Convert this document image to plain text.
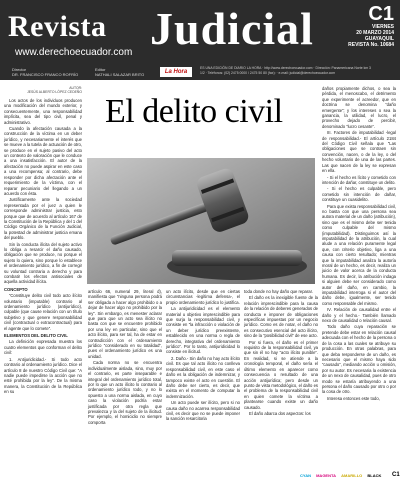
Revista Judicial
www.derechoecuador.com
C1
VIERNES
20 MARZO 2014
GUAYAQUIL
REVISTA No. 10684
Director
DR. FRANCISCO FRANCO ROFRÍO
Editor
NATHALI SALAZAR BRITO	La Hora
ES UNA EDICIÓN DE DIARIO LA HORA · http://www.derechoecuador.com · Dirección: Panamericana Norte km 3 1/2 · Teléfonos: (02) 2475 0000 / 2475 50 80 (fax): · e-mail: judicial@derechoecuador.com
El delito civil
AUTOR:
JESÚS ALBERTO LÓPEZ CEDEÑO

Los actos de los individuos producen una modificación del mundo exterior, y consecuentemente, una responsabilidad implícita, sea del tipo civil, penal y administrativo.

Cuando la afectación causada a la construcción de la víctima en un deber jurídico, y necesariamente el interés que se mueve a la tutela de actuación de otro, se produce en el sujeto pasivo del acto un contexto de valoración que le conduce a una insatisfacción. El autor de la afectación no puede aspirar en este caso a una recompensa; al contrario, debe responder por dicha afectación ante el requerimiento de la víctima, con el reparar pecuniario del llegando a un acuerdo con ésta.

Justificamente ante la sociedad representada por el juez a quien le corresponde administrar justicia, esto porque que de acuerdo al artículo 167 de la Constitución de la República y del 1 del Código Orgánico de la Función Judicial, la potestad de administrar justicia emana del pueblo.

Sin la conducta ilícita del sujeto activo lo obliga a resarcir el daño causado, obligación que se produce, no porque el sujeto lo quiera, sino porque lo establece el ordenamiento jurídico, a fin de corregir su voluntad contraria a derecho y para combatir los efectos antisociales de aquella actividad ilícita.

CONCEPTO

“Constituye delito civil todo acto ilícito voluntario (imputable) contrario al ordenamiento jurídico (antijurídico), culpable (que cause relación con un título subjetivo y que genere responsabilidad civil (contractual o extracontractual) para el agente que lo comete”.

ELEMENTOS DEL DELITO CIVIL

La definición expresada muestra los cuatro elementos que conforman el delito civil:

1. Antijuridicidad.- Si todo acto contrario al ordenamiento jurídico. Dice el artículo 8 de nuestro Código Civil que: “A nadie puede impedirse la acción que no esté prohibida por la ley”. De la misma manera, la Constitución de la República en su

artículo 66, numeral 29, literal d), manifiesta que “ninguna persona podrá ser obligada a hacer algo prohibido o a dejar de hacer algo no prohibido por la ley”. Sin embargo, es menester aclarar que para que un acto sea ilícito no basta con que se encuentre prohibido por una ley en particular, sino que el acto ilícito, para ser tal, ha de estar en contradicción con el ordenamiento jurídico “considerado en su totalidad”, pues el ordenamiento jurídico es una unidad.

Cada norma no se encuentra individualmente aislada, sino, muy por el contrario, es parte inseparable e integral del ordenamiento jurídico total, por lo que un acto ilícito lo contrario al ordenamiento jurídico todo, y no lo opuesto a una norma aislada, en cuyo caso la violación podría estar justificada por otra regla que prevalezca y la del sujeto de la ilicitud. Por ejemplo, el homicidio no siempre comporta

un acto ilícito, desde que en ciertas circunstancias -legítima defensa-, el propio ordenamiento jurídico lo justifica.

La antijuridicidad es el elemento material u objetivo imprescindible para que surja la responsabilidad civil, y consiste en “la infracción o violación de un deber jurídico preexistente, establecido en una norma o regla de derecho, integrativa del ordenamiento jurídico”. Por lo tanto, antijuridicidad lo consiste en ilicitud.

2. Daño.- Sin daño no hay acto ilícito civil. Es que tal acto ilícito no conlleva responsabilidad civil, en este caso el daño es la obligación de indemnizar, y tampoco existe el acto en cuestión. El daño debe ser cierto, es decir, que exista en el momento de computar la indemnización.

Un acto puede ser ilícito, pero si no causa daño no acarrea responsabilidad civil, es decir que no se puede imponer la sanción resarcitoria

toda donde no hay daño que reparar.

El daño es la inexigible fuente de la relación imprescindible para la causa de la relación de deberes generados de conducta e imponer de obligaciones específicas impuestas por un negocio jurídico. Como es de notar, el daño no es consecutivo esencial del acto ilícito, sino de la “posibilidad civil” de ese acto.

Por si fuera, el daño es el primer requisito de la responsabilidad civil, ya que sin él no hay “acto ilícito punible”. En realidad, si se atiende a la cronología temporal, el daño sería el último elemento en aparecer como consecuencia o resultado de una acción antijurídica; pero desde un punto de vista metodológico, el daño es el problema de la responsabilidad civil en quien comete la víctima a plantearse cuando existe un daño causado.

El daño abarca dos aspectos: los

daños propiamente dichos, o sea la pérdida, el menoscabo, el detrimento que experimente el acreedor, que en doctrina se denomina “daño emergente”; y los intereses o sea la ganancia, la utilidad, el lucro, el provecho dejado de percibir, denominado “lucro cesante”.

III. Factores de imputabilidad -legal de responsabilidad.- El artículo 2184 del Código Civil señala que “Las obligaciones que se contraen sin convención, nacen, o de la ley, o del hecho voluntario de una de las partes. Las que nacen de la ley se expresan en ella.

- Si el hecho es lícito y cometido con intención de dañar, constituye un delito.

- Si el hecho es culpable, pero cometido sin intención de dañar, constituye un cuasidelito.

Para que exista responsabilidad civil, no basta con que una persona sea autora material de un daño (atribución), sino que es el mismo debe ser tenida como culpable del mismo (imputabilidad). Distinguimos así la imputabilidad de la atribución, la cual alude a una relación puramente legal que, con criterio objetivo, liga a una causa con cierto resultado; mientras que la imputabilidad analiza la autoría moral de un hecho, es decir, realiza un juicio de valor acerca de la conducta humana. Es decir, la atribución indaga si alguien debe ser considerado como autor del daño, en cambio, la imputabilidad interroga si el autor del daño debe, igualmente, ser tenido como responsable del mismo.

IV. Relación de causalidad entre el daño y el hecho.- También llamado nexo de causalidad o relación causal.

Todo daño cuya reparación se pretende debe estar en relación causal adecuada con el hecho de la persona o de la cosa a las cuales se atribuye su producción. En otras palabras, para que deba responderse de un daño, es necesario que el mismo haya sido “causado”, mediando acción u omisión, por su autor. Es necesaria la existencia de un nexo de causalidad, pues de otro modo se estaría atribuyendo a una persona el daño causado por otro o por la cosa de otro.

Interesa entonces este todo,

CYAN MAGENTA AMARILLO BLACK	C1
